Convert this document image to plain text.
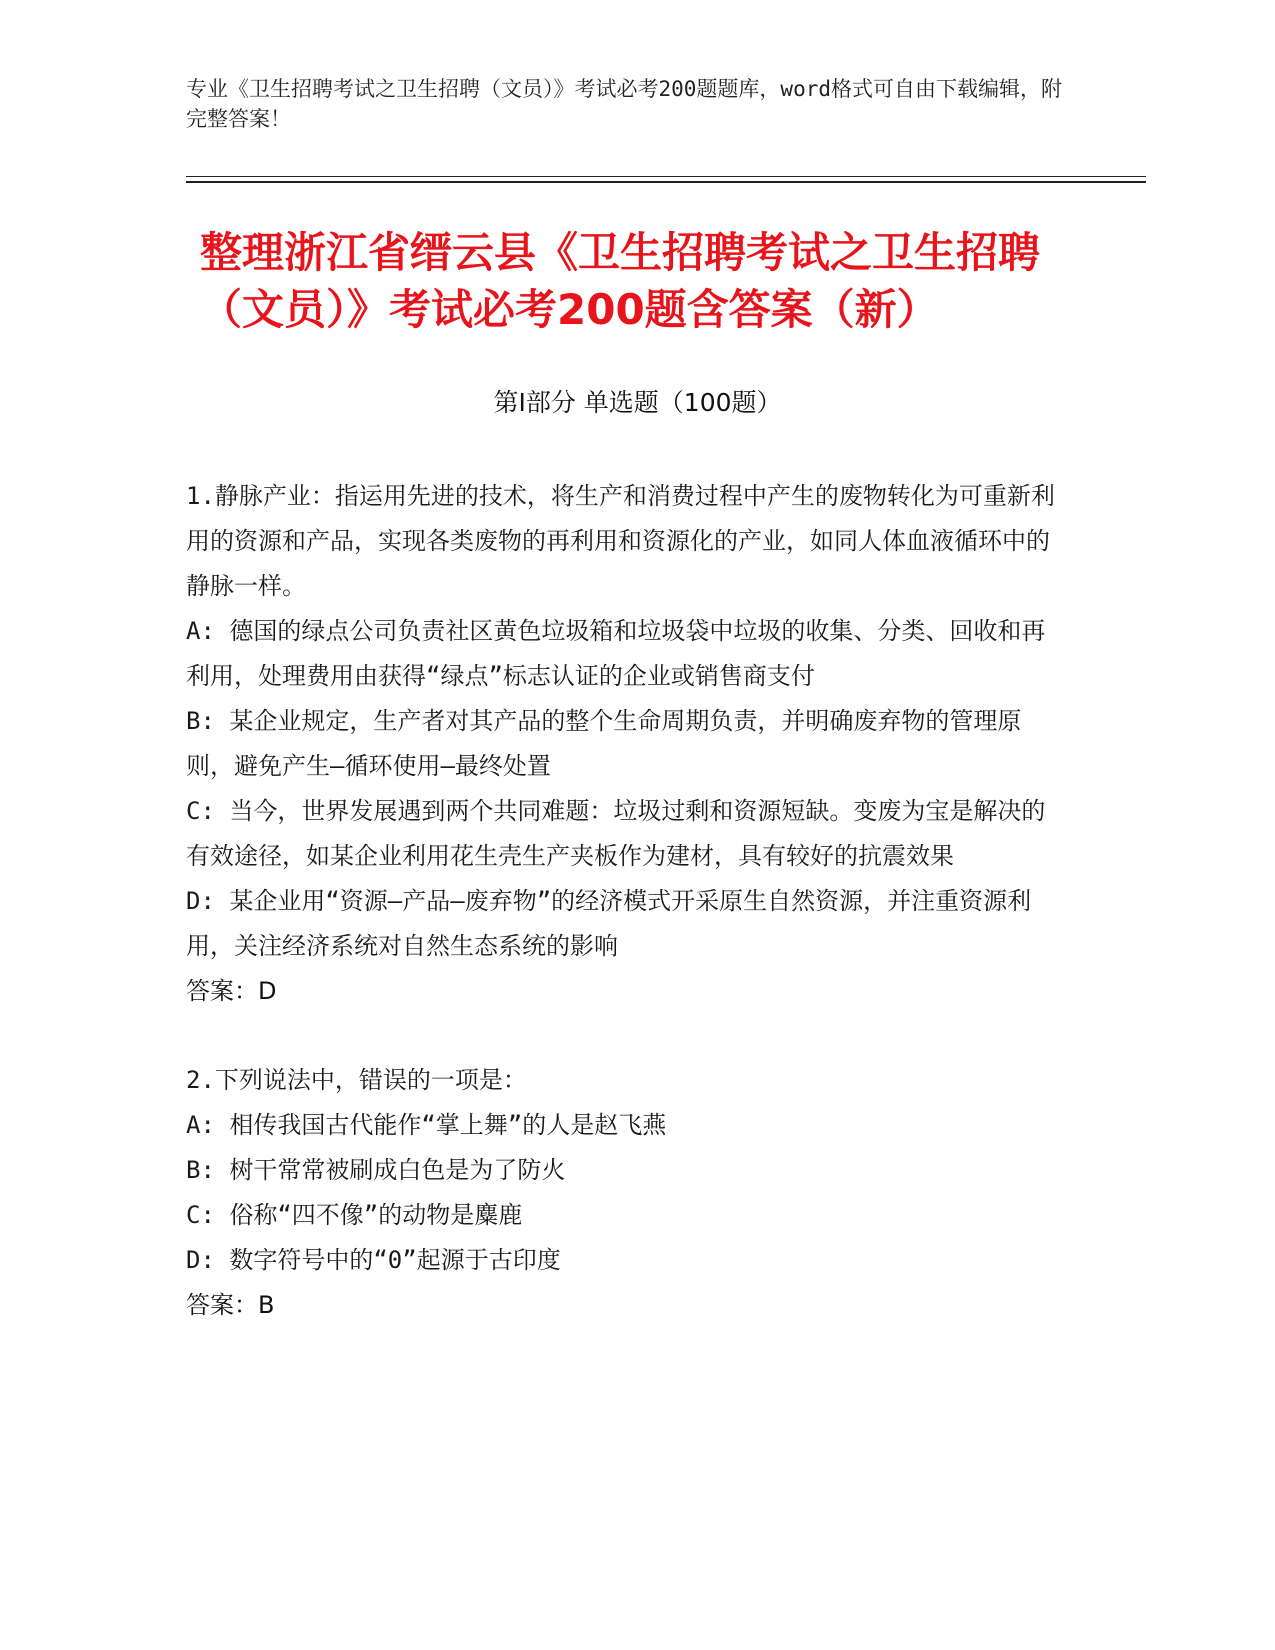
专业《卫生招聘考试之卫生招聘（文员）》考试必考200题题库，word格式可自由下载编辑，附完整答案！
整理浙江省缙云县《卫生招聘考试之卫生招聘（文员）》考试必考200题含答案（新）
第I部分 单选题（100题）

1.静脉产业：指运用先进的技术，将生产和消费过程中产生的废物转化为可重新利用的资源和产品，实现各类废物的再利用和资源化的产业，如同人体血液循环中的静脉一样。

A: 德国的绿点公司负责社区黄色垃圾箱和垃圾袋中垃圾的收集、分类、回收和再利用，处理费用由获得“绿点”标志认证的企业或销售商支付

B: 某企业规定，生产者对其产品的整个生命周期负责，并明确废弃物的管理原则，避免产生—循环使用—最终处置

C: 当今，世界发展遇到两个共同难题：垃圾过剩和资源短缺。变废为宝是解决的有效途径，如某企业利用花生壳生产夹板作为建材，具有较好的抗震效果

D: 某企业用“资源—产品—废弃物”的经济模式开采原生自然资源，并注重资源利用，关注经济系统对自然生态系统的影响

答案：D

2.下列说法中，错误的一项是：

A: 相传我国古代能作“掌上舞”的人是赵飞燕

B: 树干常常被刷成白色是为了防火

C: 俗称“四不像”的动物是麋鹿

D: 数字符号中的“0”起源于古印度

答案：B
